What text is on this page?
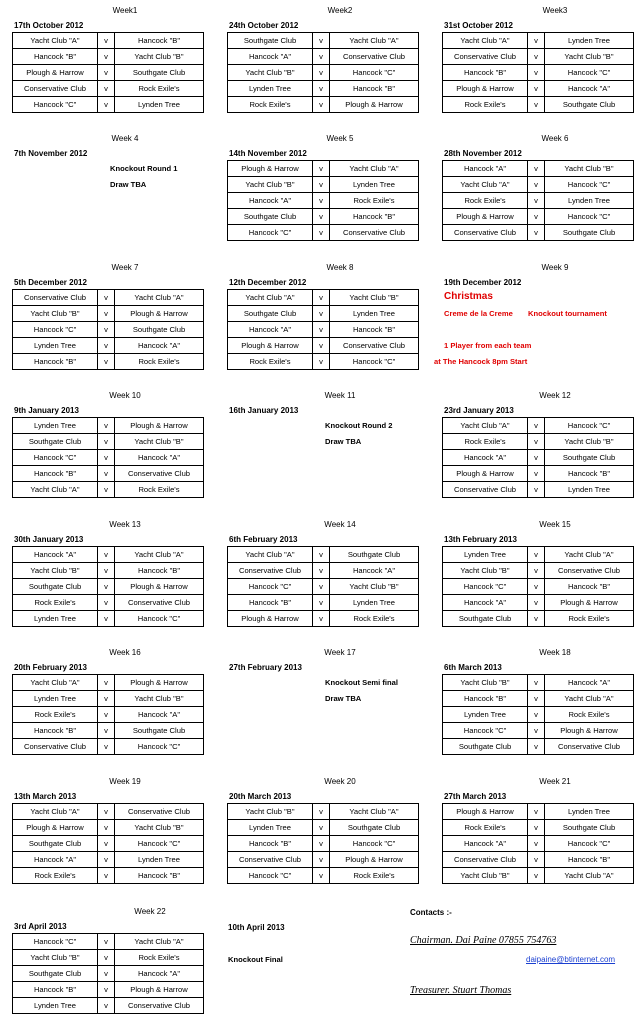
Week1
17th October 2012
Yacht Club "A"	v	Hancock "B"
Hancock "B"	v	Yacht Club "B"
Plough & Harrow	v	Southgate Club
Conservative Club	v	Rock Exile's
Hancock "C"	v	Lynden Tree
Week2
24th October 2012
Southgate Club	v	Yacht Club "A"
Hancock "A"	v	Conservative Club
Yacht Club "B"	v	Hancock "C"
Lynden Tree	v	Hancock "B"
Rock Exile's	v	Plough & Harrow
Week3
31st October 2012
Yacht Club "A"	v	Lynden Tree
Conservative Club	v	Yacht Club "B"
Hancock "B"	v	Hancock "C"
Plough & Harrow	v	Hancock "A"
Rock Exile's	v	Southgate Club
Week 4
7th November 2012
Knockout Round 1
Draw TBA
Week 5
14th November 2012
Plough & Harrow	v	Yacht Club "A"
Yacht Club "B"	v	Lynden Tree
Hancock "A"	v	Rock Exile's
Southgate Club	v	Hancock "B"
Hancock "C"	v	Conservative Club
Week 6
28th November 2012
Hancock "A"	v	Yacht Club "B"
Yacht Club "A"	v	Hancock "C"
Rock Exile's	v	Lynden Tree
Plough & Harrow	v	Hancock "C"
Conservative Club	v	Southgate Club
Week 7
5th December 2012
Conservative Club	v	Yacht Club "A"
Yacht Club "B"	v	Plough & Harrow
Hancock "C"	v	Southgate Club
Lynden Tree	v	Hancock "A"
Hancock "B"	v	Rock Exile's
Week 8
12th December 2012
Yacht Club "A"	v	Yacht Club "B"
Southgate Club	v	Lynden Tree
Hancock "A"	v	Hancock "B"
Plough & Harrow	v	Conservative Club
Rock Exile's	v	Hancock "C"
Week 9
19th December 2012
Christmas
Creme de la Creme Knockout tournament
1 Player from each team
at The Hancock 8pm Start
Week 10
9th January 2013
Lynden Tree	v	Plough & Harrow
Southgate Club	v	Yacht Club "B"
Hancock "C"	v	Hancock "A"
Hancock "B"	v	Conservative Club
Yacht Club "A"	v	Rock Exile's
Week 11
16th January 2013
Knockout Round 2
Draw TBA
Week 12
23rd January 2013
Yacht Club "A"	v	Hancock "C"
Rock Exile's	v	Yacht Club "B"
Hancock "A"	v	Southgate Club
Plough & Harrow	v	Hancock "B"
Conservative Club	v	Lynden Tree
Week 13
30th January 2013
Hancock "A"	v	Yacht Club "A"
Yacht Club "B"	v	Hancock "B"
Southgate Club	v	Plough & Harrow
Rock Exile's	v	Conservative Club
Lynden Tree	v	Hancock "C"
Week 14
6th February 2013
Yacht Club "A"	v	Southgate Club
Conservative Club	v	Hancock "A"
Hancock "C"	v	Yacht Club "B"
Hancock "B"	v	Lynden Tree
Plough & Harrow	v	Rock Exile's
Week 15
13th February 2013
Lynden Tree	v	Yacht Club "A"
Yacht Club "B"	v	Conservative Club
Hancock "C"	v	Hancock "B"
Hancock "A"	v	Plough & Harrow
Southgate Club	v	Rock Exile's
Week 16
20th February 2013
Yacht Club "A"	v	Plough & Harrow
Lynden Tree	v	Yacht Club "B"
Rock Exile's	v	Hancock "A"
Hancock "B"	v	Southgate Club
Conservative Club	v	Hancock "C"
Week 17
27th February 2013
Knockout Semi final
Draw TBA
Week 18
6th March 2013
Yacht Club "B"	v	Hancock "A"
Hancock "B"	v	Yacht Club "A"
Lynden Tree	v	Rock Exile's
Hancock "C"	v	Plough & Harrow
Southgate Club	v	Conservative Club
Week 19
13th March 2013
Yacht Club "A"	v	Conservative Club
Plough & Harrow	v	Yacht Club "B"
Southgate Club	v	Hancock "C"
Hancock "A"	v	Lynden Tree
Rock Exile's	v	Hancock "B"
Week 20
20th March 2013
Yacht Club "B"	v	Yacht Club "A"
Lynden Tree	v	Southgate Club
Hancock "B"	v	Hancock "C"
Conservative Club	v	Plough & Harrow
Hancock "C"	v	Rock Exile's
Week 21
27th March 2013
Plough & Harrow	v	Lynden Tree
Rock Exile's	v	Southgate Club
Hancock "A"	v	Hancock "C"
Conservative Club	v	Hancock "B"
Yacht Club "B"	v	Yacht Club "A"
Week 22
3rd April 2013
Hancock "C"	v	Yacht Club "A"
Yacht Club "B"	v	Rock Exile's
Southgate Club	v	Hancock "A"
Hancock "B"	v	Plough & Harrow
Lynden Tree	v	Conservative Club
10th April 2013
Knockout Final
Contacts :-
Chairman. Dai Paine 07855 754763
daipaine@btinternet.com
Treasurer. Stuart Thomas
